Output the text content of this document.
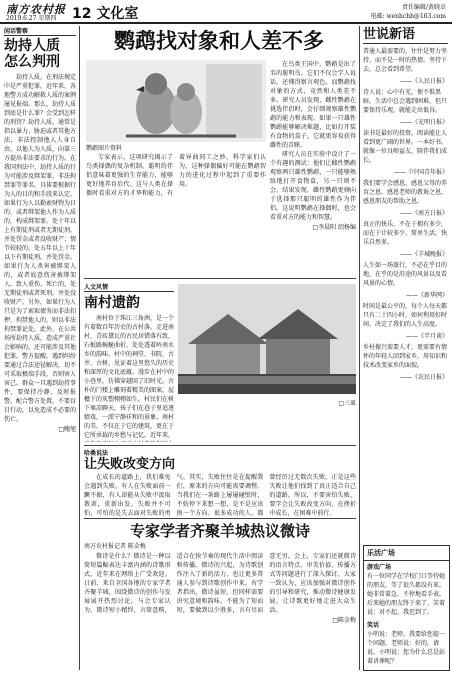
南方农村报
2019.6.27 星期四 12 文化室	责任编辑/黄晓卓
电邮: wenhchh@163.com
闲话警察
劫持人质
怎么判刑

劫持人质，在刑法规定中是严重犯罪。近年来，各地警方成功解救人质的案例屡见报端。那么，劫持人质到底是什么罪？会受到怎样的刑罚？劫持人质，通常是指以暴力、胁迫或者其他方法，非法控制他人人身自由，以他人为人质，向第三方提出非法要求的行为。在我国刑法中，劫持人质的行为可能涉及绑架罪、非法拘禁罪等罪名，具体要根据行为人的目的和手段来认定。如果行为人以勒索财物为目的，或者绑架他人作为人质的，构成绑架罪，处十年以上有期徒刑或者无期徒刑，并处罚金或者没收财产；情节较轻的，处五年以上十年以下有期徒刑，并处罚金。如果行为人杀害被绑架人的，或者故意伤害被绑架人，致人重伤、死亡的，处无期徒刑或者死刑，并处没收财产。另外，如果行为人只是为了索取债务而非法扣押、拘禁他人的，则以非法拘禁罪论处。此外，在公共场所劫持人质，造成严重社会影响的，还可能涉及其他犯罪。警方提醒，遇到纠纷要通过合法途径解决，切不可采取极端手段，否则害人害己。群众一旦遇到劫持事件，要保持冷静，及时报警，配合警方处置，不要盲目行动，以免造成不必要的伤亡。

□鲍旭

鹦鹉找对象和人差不多
鹦鹉图片资料

在鸟类王国中，鹦鹉是出了名的聪明鸟。它们不仅会学人说话，还懂得察言观色。而鹦鹉找对象的方式，竟然和人类差不多。研究人员发现，雌性鹦鹉在挑选伴侣时，会仔细观察雄性鹦鹉的能力和表现。如果一只雄性鹦鹉能够解决难题，比如打开装有食物的盒子，它就更容易获得雌性的青睐。

研究人员在实验中设计了一个有趣的测试：他们让雌性鹦鹉观察两只雄性鹦鹉，一只能够熟练地打开食物盒，另一只则不会。结果发现，雌性鹦鹉更倾向于选择那只聪明的雄性作为伴侣。这说明鹦鹉在择偶时，也会看重对方的能力和智慧。

□李晨阳 绍杨编

专家表示，这项研究揭示了鸟类择偶的复杂机制。聪明的伴侣意味着更强的生存能力，能够更好地养育后代。这与人类在择偶时看重对方的才华和能力，有着异曲同工之妙。科学家们认为，这种择偶偏好可能在鹦鹉智力的进化过程中起到了重要作用。

人文风情
南村遗韵

南村位于珠江三角洲，是一个有着数百年历史的古村落。走进南村，青砖黛瓦的古民居错落有致，石板路蜿蜒曲折，处处透着岭南水乡的韵味。村中的祠堂、书院、古井、古树，见证着这里悠久的历史和深厚的文化底蕴。漫步在村中的小巷里，仿佛穿越回了旧时光。古朴的门楼上雕刻着精美的图案，屋檐下的灰塑栩栩如生。村民们在树下乘凉聊天，孩子们在巷子里追逐嬉戏，一派宁静祥和的景象。南村的美，不仅在于它的建筑，更在于它所承载的乡愁与记忆。近年来，

□三皿

哈桑说法
让失败改变方向

在成长的道路上，我们难免会遇到失败。有人在失败面前一蹶不振，有人却能从失败中汲取教训，重新出发。失败并不可怕，可怕的是失去面对失败的勇气。其实，失败往往是在提醒我们，原来的方向可能需要调整。当我们在一条路上屡屡碰壁时，不妨停下来想一想，是不是应该换一个方向。很多成功的人，都曾经历过无数次失败，正是这些失败让他们找到了真正适合自己的道路。所以，不要害怕失败，要学会让失败改变方向，在挫折中成长，在困难中前行。

专家学者齐聚羊城热议微诗
南方农村报记者 陈金梅

微诗是什么？微诗是一种以简短篇幅表达丰富内涵的诗歌形式，近年来在网络上广受欢迎。日前，来自全国各地的专家学者齐聚羊城，围绕微诗的创作与发展展开热烈讨论。与会专家认为，微诗短小精悍，言简意赅，适合在快节奏的现代生活中阅读和传播。微诗的兴起，为诗歌创作注入了新的活力，也让更多普通人参与到诗歌创作中来。有学者指出，微诗虽短，但同样需要讲究意境和韵味，不能为了短而短，要做到以少胜多，言有尽而意无穷。会上，专家们还就微诗的语言特点、审美价值、传播方式等问题进行了深入探讨。大家一致认为，应该加强对微诗创作的引导和研究，推动微诗健康发展，让诗歌更好地走进大众生活。

□陈金梅

世说新语

普通人最需要的，往往是努力坚持，而不是一时的热情。坚持下去，总会看到希望。

——《人民日报》

诗人说：心中有光，便不惧黑暗。生活中总会遇到困难，但只要保持乐观，就能走出低谷。

——《光明日报》

读书是最好的投资，阅读能让人看到更广阔的世界。一本好书，就像一位良师益友，陪伴我们成长。

——《中国青年报》

我们要学会感恩，感恩父母的养育之恩，感恩老师的教诲之恩，感恩朋友的帮助之恩。

——《南方日报》

真正的快乐，不在于拥有多少，而在于计较多少。简单生活，快乐自然多。

——《羊城晚报》

人生如一场旅行，不必在乎目的地，在乎的是沿途的风景以及看风景的心情。

——《新华网》

时间是最公平的，每个人每天都只有二十四小时。如何利用好时间，决定了我们的人生高度。

——《半月谈》

乡村振兴需要人才，更需要有情怀的年轻人回到家乡，用知识和技术改变家乡的面貌。

——《农民日报》

乐活广场
游戏广场

有一位同学在学校门口等待她的朋友，等了很久都没有来。她非常着急，不停地看手表。后来她的朋友终于来了，笑着说：对不起，我迟到了。

笑话

小明说：老师，我要给您提一个问题。老师说：好的，请说。小明说：您为什么总是站着讲课呢？
